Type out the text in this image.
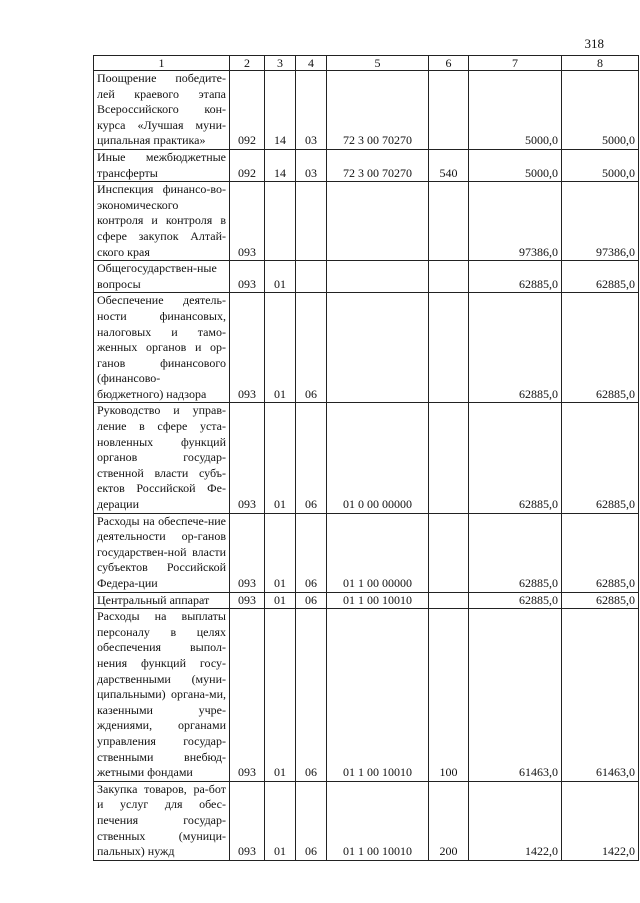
318
1	2	3	4	5	6	7	8
Поощрение победите-лей краевого этапа Всероссийского кон-курса «Лучшая муни-ципальная практика»	092	14	03	72 3 00 70270		5000,0	5000,0
Иные межбюджетные трансферты	092	14	03	72 3 00 70270	540	5000,0	5000,0
Инспекция финансо-во-экономического контроля и контроля в сфере закупок Алтай-ского края	093					97386,0	97386,0
Общегосударствен-ные вопросы	093	01				62885,0	62885,0
Обеспечение деятель-ности финансовых, налоговых и тамо-женных органов и ор-ганов финансового (финансово-бюджетного) надзора	093	01	06			62885,0	62885,0
Руководство и управ-ление в сфере уста-новленных функций органов государ-ственной власти субъ-ектов Российской Фе-дерации	093	01	06	01 0 00 00000		62885,0	62885,0
Расходы на обеспече-ние деятельности ор-ганов государствен-ной власти субъектов Российской Федера-ции	093	01	06	01 1 00 00000		62885,0	62885,0
Центральный аппарат	093	01	06	01 1 00 10010		62885,0	62885,0
Расходы на выплаты персоналу в целях обеспечения выпол-нения функций госу-дарственными (муни-ципальными) органа-ми, казенными учре-ждениями, органами управления государ-ственными внебюд-жетными фондами	093	01	06	01 1 00 10010	100	61463,0	61463,0
Закупка товаров, ра-бот и услуг для обес-печения государ-ственных (муници-пальных) нужд	093	01	06	01 1 00 10010	200	1422,0	1422,0
